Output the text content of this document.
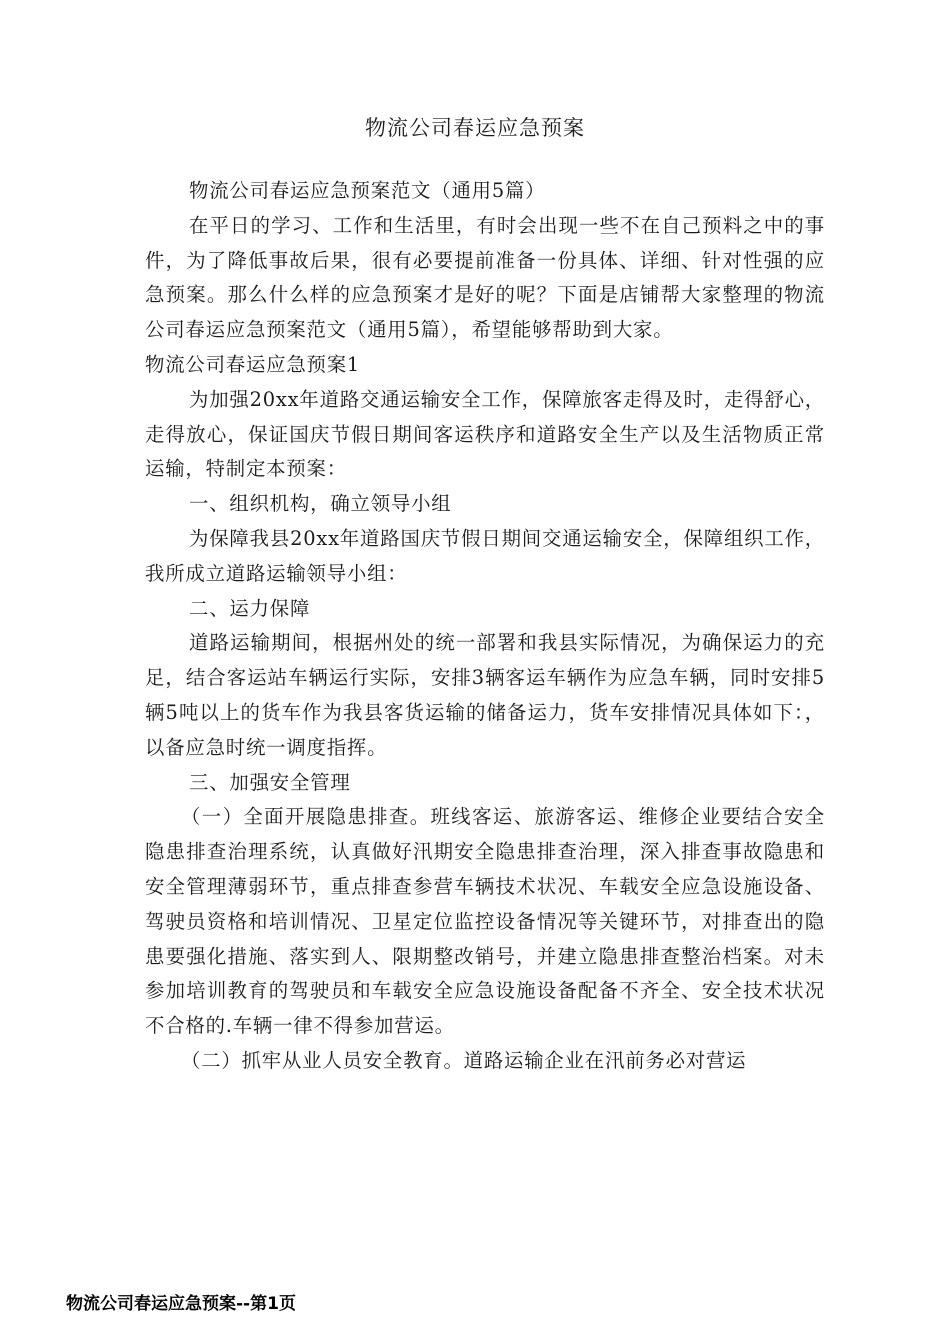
物流公司春运应急预案

物流公司春运应急预案范文（通用5篇）

在平日的学习、工作和生活里，有时会出现一些不在自己预料之中的事件，为了降低事故后果，很有必要提前准备一份具体、详细、针对性强的应急预案。那么什么样的应急预案才是好的呢？下面是店铺帮大家整理的物流公司春运应急预案范文（通用5篇），希望能够帮助到大家。

物流公司春运应急预案1

为加强20xx年道路交通运输安全工作，保障旅客走得及时，走得舒心，走得放心，保证国庆节假日期间客运秩序和道路安全生产以及生活物质正常运输，特制定本预案：

一、组织机构，确立领导小组

为保障我县20xx年道路国庆节假日期间交通运输安全，保障组织工作，我所成立道路运输领导小组：

二、运力保障

道路运输期间，根据州处的统一部署和我县实际情况，为确保运力的充足，结合客运站车辆运行实际，安排3辆客运车辆作为应急车辆，同时安排5辆5吨以上的货车作为我县客货运输的储备运力，货车安排情况具体如下：，以备应急时统一调度指挥。

三、加强安全管理

（一）全面开展隐患排查。班线客运、旅游客运、维修企业要结合安全隐患排查治理系统，认真做好汛期安全隐患排查治理，深入排查事故隐患和安全管理薄弱环节，重点排查参营车辆技术状况、车载安全应急设施设备、驾驶员资格和培训情况、卫星定位监控设备情况等关键环节，对排查出的隐患要强化措施、落实到人、限期整改销号，并建立隐患排查整治档案。对未参加培训教育的驾驶员和车载安全应急设施设备配备不齐全、安全技术状况不合格的.车辆一律不得参加营运。

（二）抓牢从业人员安全教育。道路运输企业在汛前务必对营运

物流公司春运应急预案--第1页
